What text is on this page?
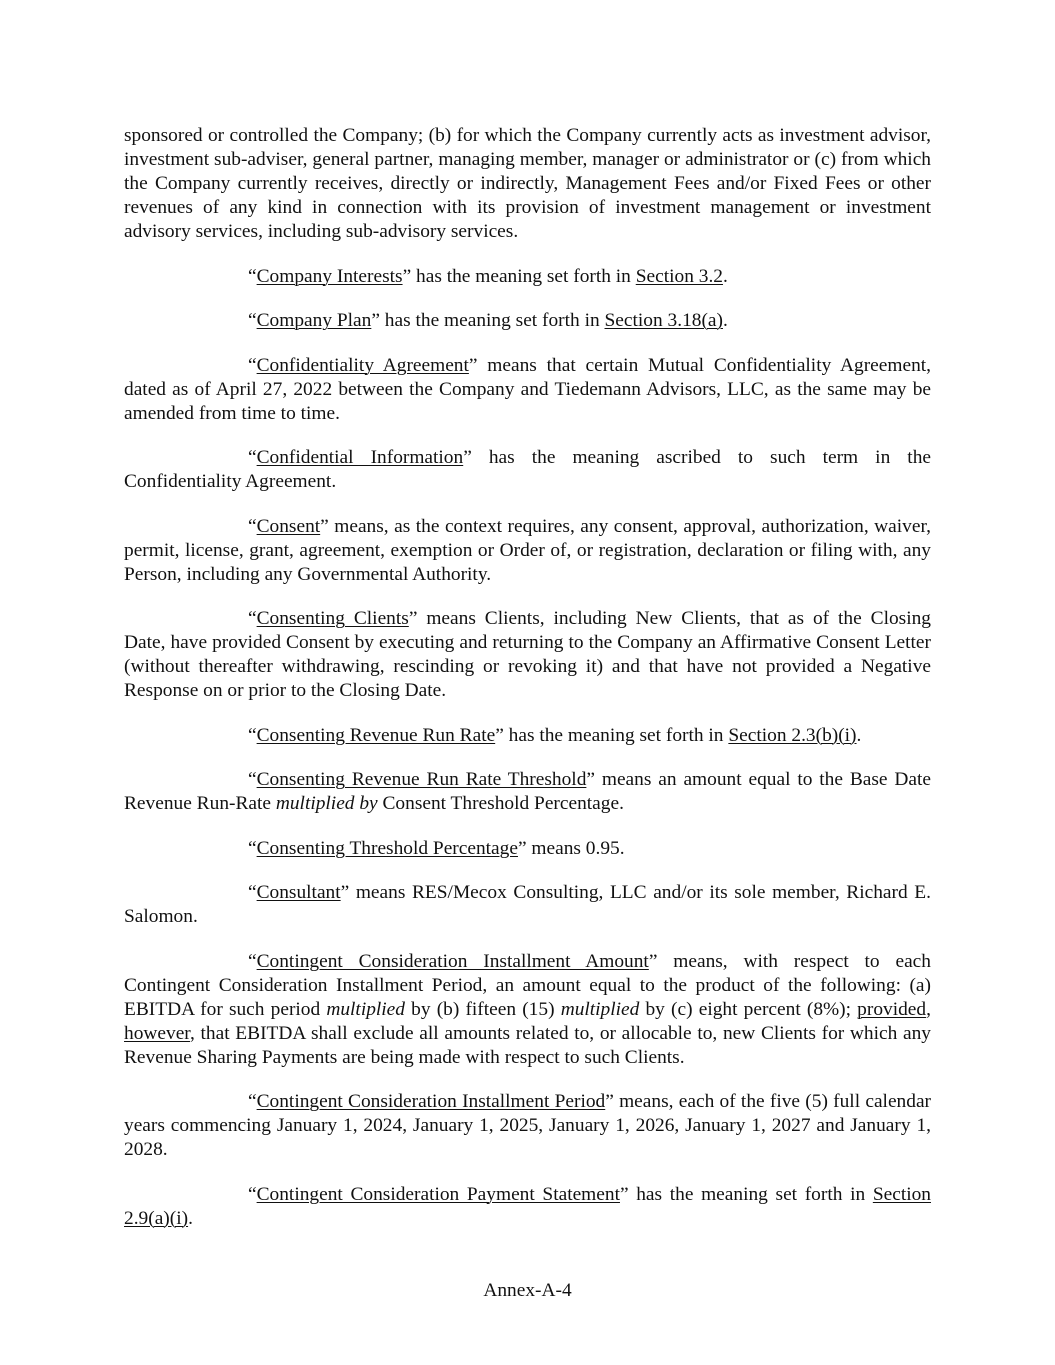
sponsored or controlled the Company; (b) for which the Company currently acts as investment advisor, investment sub-adviser, general partner, managing member, manager or administrator or (c) from which the Company currently receives, directly or indirectly, Management Fees and/or Fixed Fees or other revenues of any kind in connection with its provision of investment management or investment advisory services, including sub-advisory services.

“Company Interests” has the meaning set forth in Section 3.2.

“Company Plan” has the meaning set forth in Section 3.18(a).

“Confidentiality Agreement” means that certain Mutual Confidentiality Agreement, dated as of April 27, 2022 between the Company and Tiedemann Advisors, LLC, as the same may be amended from time to time.

“Confidential Information” has the meaning ascribed to such term in the Confidentiality Agreement.

“Consent” means, as the context requires, any consent, approval, authorization, waiver, permit, license, grant, agreement, exemption or Order of, or registration, declaration or filing with, any Person, including any Governmental Authority.

“Consenting Clients” means Clients, including New Clients, that as of the Closing Date, have provided Consent by executing and returning to the Company an Affirmative Consent Letter (without thereafter withdrawing, rescinding or revoking it) and that have not provided a Negative Response on or prior to the Closing Date.

“Consenting Revenue Run Rate” has the meaning set forth in Section 2.3(b)(i).

“Consenting Revenue Run Rate Threshold” means an amount equal to the Base Date Revenue Run-Rate multiplied by Consent Threshold Percentage.

“Consenting Threshold Percentage” means 0.95.

“Consultant” means RES/Mecox Consulting, LLC and/or its sole member, Richard E. Salomon.

“Contingent Consideration Installment Amount” means, with respect to each Contingent Consideration Installment Period, an amount equal to the product of the following: (a) EBITDA for such period multiplied by (b) fifteen (15) multiplied by (c) eight percent (8%); provided, however, that EBITDA shall exclude all amounts related to, or allocable to, new Clients for which any Revenue Sharing Payments are being made with respect to such Clients.

“Contingent Consideration Installment Period” means, each of the five (5) full calendar years commencing January 1, 2024, January 1, 2025, January 1, 2026, January 1, 2027 and January 1, 2028.

“Contingent Consideration Payment Statement” has the meaning set forth in Section 2.9(a)(i).

Annex-A-4
